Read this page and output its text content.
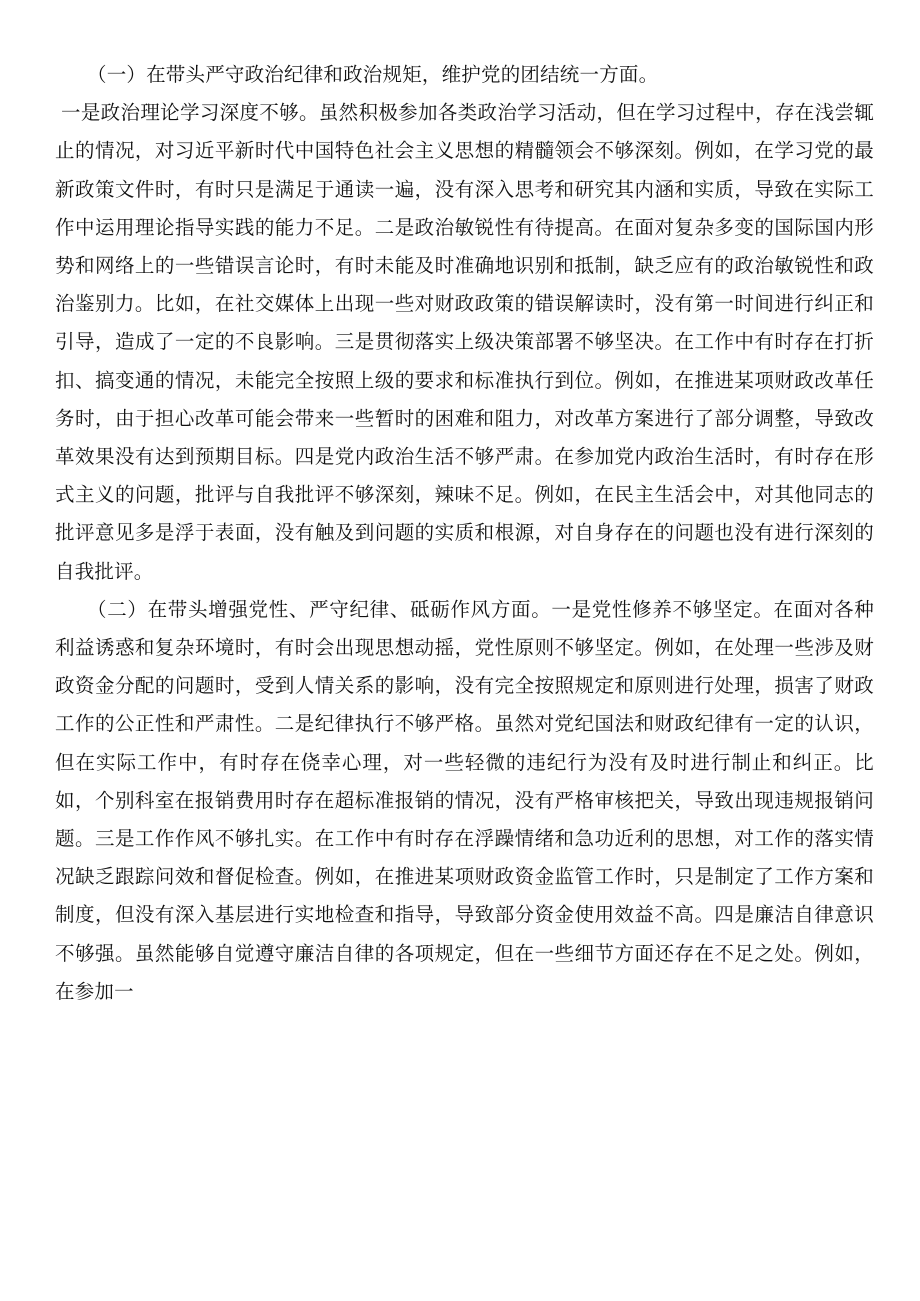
（一）在带头严守政治纪律和政治规矩，维护党的团结统一方面。

一是政治理论学习深度不够。虽然积极参加各类政治学习活动，但在学习过程中，存在浅尝辄止的情况，对习近平新时代中国特色社会主义思想的精髓领会不够深刻。例如，在学习党的最新政策文件时，有时只是满足于通读一遍，没有深入思考和研究其内涵和实质，导致在实际工作中运用理论指导实践的能力不足。二是政治敏锐性有待提高。在面对复杂多变的国际国内形势和网络上的一些错误言论时，有时未能及时准确地识别和抵制，缺乏应有的政治敏锐性和政治鉴别力。比如，在社交媒体上出现一些对财政政策的错误解读时，没有第一时间进行纠正和引导，造成了一定的不良影响。三是贯彻落实上级决策部署不够坚决。在工作中有时存在打折扣、搞变通的情况，未能完全按照上级的要求和标准执行到位。例如，在推进某项财政改革任务时，由于担心改革可能会带来一些暂时的困难和阻力，对改革方案进行了部分调整，导致改革效果没有达到预期目标。四是党内政治生活不够严肃。在参加党内政治生活时，有时存在形式主义的问题，批评与自我批评不够深刻，辣味不足。例如，在民主生活会中，对其他同志的批评意见多是浮于表面，没有触及到问题的实质和根源，对自身存在的问题也没有进行深刻的自我批评。

（二）在带头增强党性、严守纪律、砥砺作风方面。一是党性修养不够坚定。在面对各种利益诱惑和复杂环境时，有时会出现思想动摇，党性原则不够坚定。例如，在处理一些涉及财政资金分配的问题时，受到人情关系的影响，没有完全按照规定和原则进行处理，损害了财政工作的公正性和严肃性。二是纪律执行不够严格。虽然对党纪国法和财政纪律有一定的认识，但在实际工作中，有时存在侥幸心理，对一些轻微的违纪行为没有及时进行制止和纠正。比如，个别科室在报销费用时存在超标准报销的情况，没有严格审核把关，导致出现违规报销问题。三是工作作风不够扎实。在工作中有时存在浮躁情绪和急功近利的思想，对工作的落实情况缺乏跟踪问效和督促检查。例如，在推进某项财政资金监管工作时，只是制定了工作方案和制度，但没有深入基层进行实地检查和指导，导致部分资金使用效益不高。四是廉洁自律意识不够强。虽然能够自觉遵守廉洁自律的各项规定，但在一些细节方面还存在不足之处。例如，在参加一
